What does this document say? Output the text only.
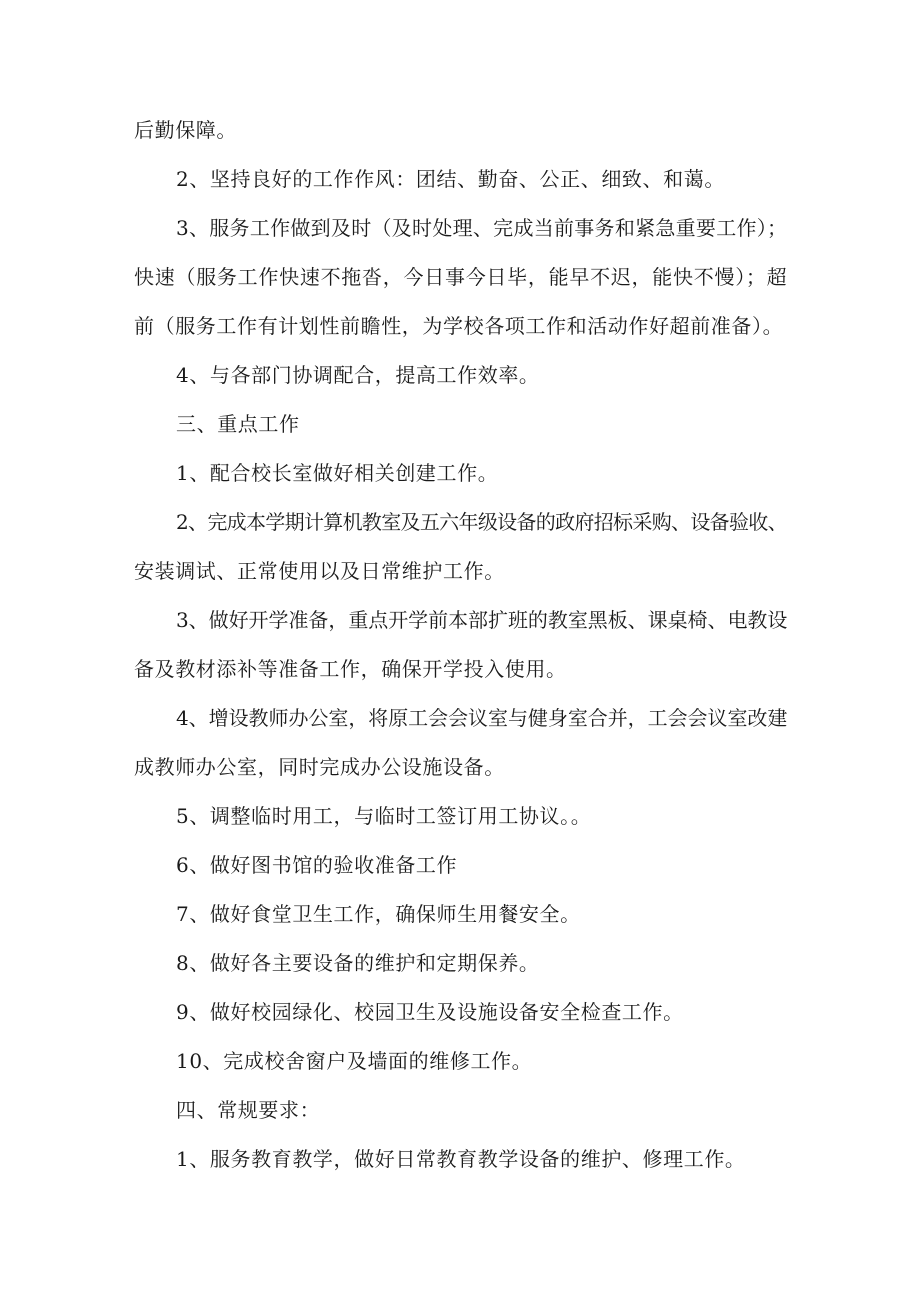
后勤保障。
2、坚持良好的工作作风：团结、勤奋、公正、细致、和蔼。
3、服务工作做到及时（及时处理、完成当前事务和紧急重要工作）；
快速（服务工作快速不拖沓，今日事今日毕，能早不迟，能快不慢）；超
前（服务工作有计划性前瞻性，为学校各项工作和活动作好超前准备）。
4、与各部门协调配合，提高工作效率。
三、重点工作
1、配合校长室做好相关创建工作。
2、完成本学期计算机教室及五六年级设备的政府招标采购、设备验收、
安装调试、正常使用以及日常维护工作。
3、做好开学准备，重点开学前本部扩班的教室黑板、课桌椅、电教设
备及教材添补等准备工作，确保开学投入使用。
4、增设教师办公室，将原工会会议室与健身室合并，工会会议室改建
成教师办公室，同时完成办公设施设备。
5、调整临时用工，与临时工签订用工协议。。
6、做好图书馆的验收准备工作
7、做好食堂卫生工作，确保师生用餐安全。
8、做好各主要设备的维护和定期保养。
9、做好校园绿化、校园卫生及设施设备安全检查工作。
10、完成校舍窗户及墙面的维修工作。
四、常规要求：
1、服务教育教学，做好日常教育教学设备的维护、修理工作。
